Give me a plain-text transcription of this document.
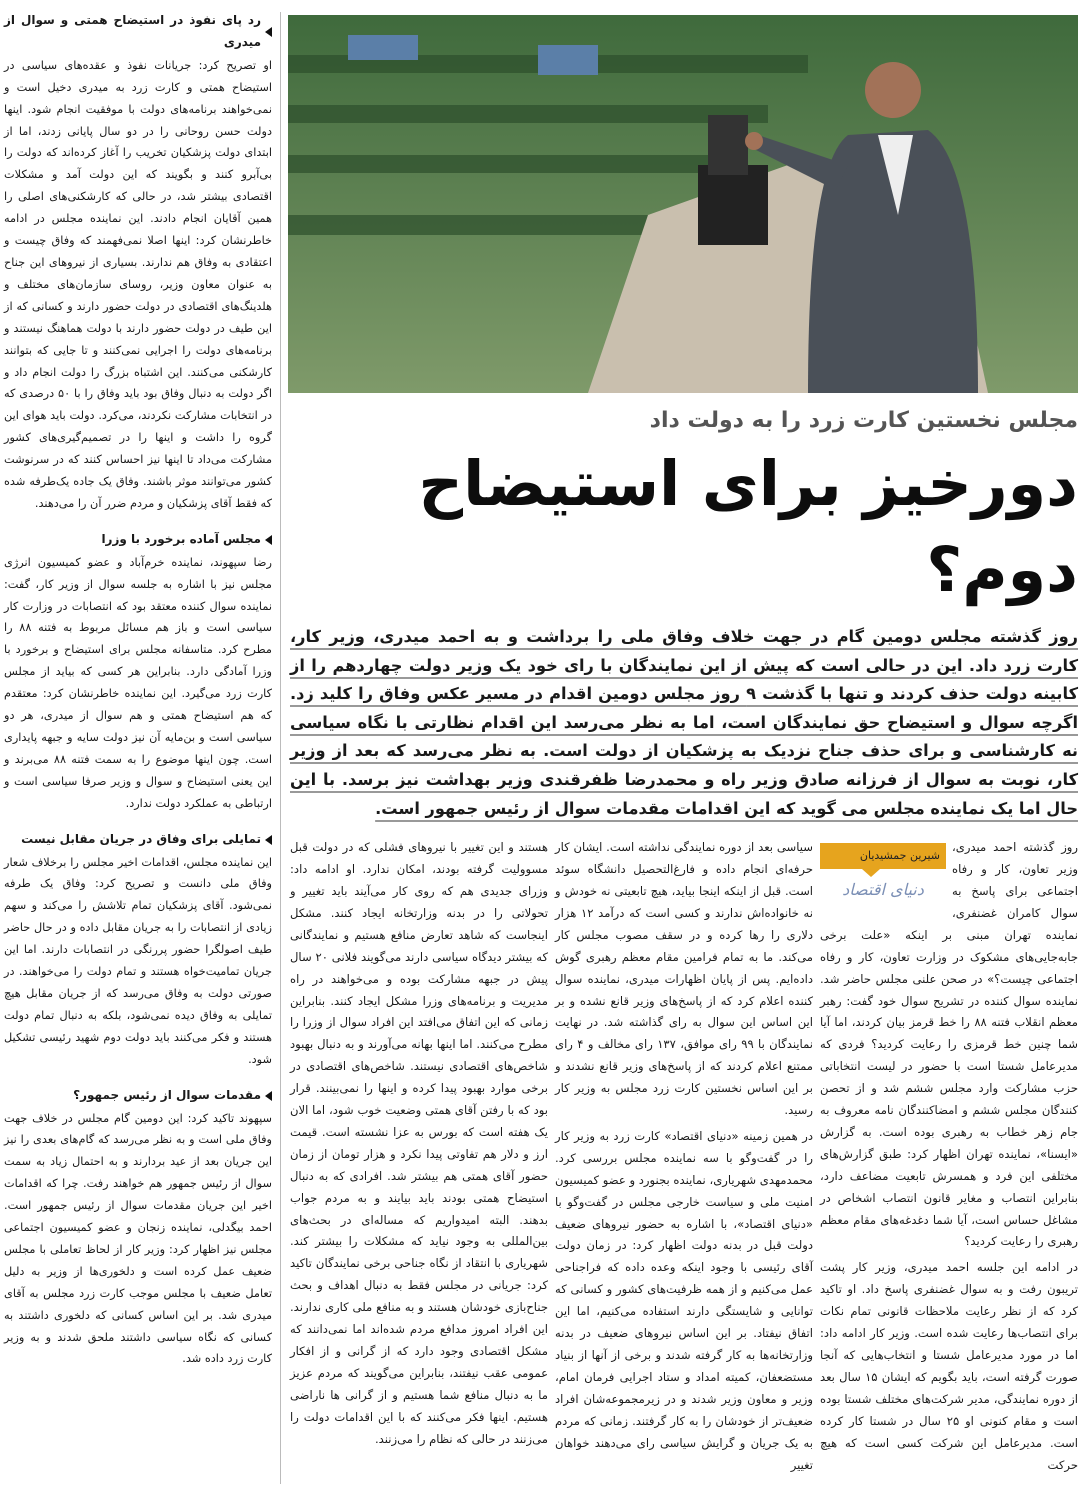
رد پای نفوذ در استیضاح همتی و سوال از میدری

او تصریح کرد: جریانات نفوذ و عقده‌های سیاسی در استیضاح همتی و کارت زرد به میدری دخیل است و نمی‌خواهند برنامه‌های دولت با موفقیت انجام شود. اینها دولت حسن روحانی را در دو سال پایانی زدند، اما از ابتدای دولت پزشکیان تخریب را آغاز کرده‌اند که دولت را بی‌آبرو کنند و بگویند که این دولت آمد و مشکلات اقتصادی بیشتر شد، در حالی که کارشکنی‌های اصلی را همین آقایان انجام دادند. این نماینده مجلس در ادامه خاطرنشان کرد: اینها اصلا نمی‌فهمند که وفاق چیست و اعتقادی به وفاق هم ندارند. بسیاری از نیروهای این جناح به عنوان معاون وزیر، روسای سازمان‌های مختلف و هلدینگ‌های اقتصادی در دولت حضور دارند و کسانی که از این طیف در دولت حضور دارند با دولت هماهنگ نیستند و برنامه‌های دولت را اجرایی نمی‌کنند و تا جایی که بتوانند کارشکنی می‌کنند. این اشتباه بزرگ را دولت انجام داد و اگر دولت به دنبال وفاق بود باید وفاق را با ۵۰ درصدی که در انتخابات مشارکت نکردند، می‌کرد. دولت باید هوای این گروه را داشت و اینها را در تصمیم‌گیری‌های کشور مشارکت می‌داد تا اینها نیز احساس کنند که در سرنوشت کشور می‌توانند موثر باشند. وفاق یک جاده یک‌طرفه شده که فقط آقای پزشکیان و مردم ضرر آن را می‌دهند.

مجلس آماده برخورد با وزرا

رضا سپهوند، نماینده خرم‌آباد و عضو کمیسیون انرژی مجلس نیز با اشاره به جلسه سوال از وزیر کار، گفت: نماینده سوال کننده معتقد بود که انتصابات در وزارت کار سیاسی است و باز هم مسائل مربوط به فتنه ۸۸ را مطرح کرد. متاسفانه مجلس برای استیضاح و برخورد با وزرا آمادگی دارد. بنابراین هر کسی که بیاید از مجلس کارت زرد می‌گیرد. این نماینده خاطرنشان کرد: معتقدم که هم استیضاح همتی و هم سوال از میدری، هر دو سیاسی است و بن‌مایه آن نیز دولت سایه و جبهه پایداری است. چون اینها موضوع را به سمت فتنه ۸۸ می‌برند و این یعنی استیضاح و سوال و وزیر صرفا سیاسی است و ارتباطی به عملکرد دولت ندارد.

تمایلی برای وفاق در جریان مقابل نیست

این نماینده مجلس، اقدامات اخیر مجلس را برخلاف شعار وفاق ملی دانست و تصریح کرد: وفاق یک طرفه نمی‌شود. آقای پزشکیان تمام تلاشش را می‌کند و سهم زیادی از انتصابات را به جریان مقابل داده و در حال حاضر طیف اصولگرا حضور پررنگی در انتصابات دارند. اما این جریان تمامیت‌خواه هستند و تمام دولت را می‌خواهند. در صورتی دولت به وفاق می‌رسد که از جریان مقابل هیچ تمایلی به وفاق دیده نمی‌شود، بلکه به دنبال تمام دولت هستند و فکر می‌کنند باید دولت دوم شهید رئیسی تشکیل شود.

مقدمات سوال از رئیس جمهور؟

سپهوند تاکید کرد: این دومین گام مجلس در خلاف جهت وفاق ملی است و به نظر می‌رسد که گام‌های بعدی را نیز این جریان بعد از عید بردارند و به احتمال زیاد به سمت سوال از رئیس جمهور هم خواهند رفت. چرا که اقدامات اخیر این جریان مقدمات سوال از رئیس جمهور است. احمد بیگدلی، نماینده زنجان و عضو کمیسیون اجتماعی مجلس نیز اظهار کرد: وزیر کار از لحاظ تعاملی با مجلس ضعیف عمل کرده است و دلخوری‌ها از وزیر به دلیل تعامل ضعیف با مجلس موجب کارت زرد مجلس به آقای میدری شد. بر این اساس کسانی که دلخوری داشتند به کسانی که نگاه سیاسی داشتند ملحق شدند و به وزیر کارت زرد داده شد.

مجلس نخستین کارت زرد را به دولت داد
دورخیز برای استیضاح دوم؟
روز گذشته مجلس دومین گام در جهت خلاف وفاق ملی را برداشت و به احمد میدری، وزیر کار، کارت زرد داد. این در حالی است که پیش از این نمایندگان با رای خود یک وزیر دولت چهاردهم را از کابینه دولت حذف کردند و تنها با گذشت ۹ روز مجلس دومین اقدام در مسیر عکس وفاق را کلید زد. اگرچه سوال و استیضاح حق نمایندگان است، اما به نظر می‌رسد این اقدام نظارتی با نگاه سیاسی نه کارشناسی و برای حذف جناح نزدیک به پزشکیان از دولت است. به نظر می‌رسد که بعد از وزیر کار، نوبت به سوال از فرزانه صادق وزیر راه و محمدرضا ظفرقندی وزیر بهداشت نیز برسد. با این حال اما یک نماینده مجلس می گوید که این اقدامات مقدمات سوال از رئیس جمهور است.
شیرین جمشیدیان
دنیای اقتصاد

روز گذشته احمد میدری، وزیر تعاون، کار و رفاه اجتماعی برای پاسخ به سوال کامران غضنفری، نماینده تهران مبنی بر اینکه «علت برخی جابه‌جایی‌های مشکوک در وزارت تعاون، کار و رفاه اجتماعی چیست؟» در صحن علنی مجلس حاضر شد. نماینده سوال کننده در تشریح سوال خود گفت: رهبر معظم انقلاب فتنه ۸۸ را خط قرمز بیان کردند، اما آیا شما چنین خط قرمزی را رعایت کردید؟ فردی که مدیرعامل شستا است با حضور در لیست انتخاباتی حزب مشارکت وارد مجلس ششم شد و از تحصن کنندگان مجلس ششم و امضاکنندگان نامه معروف به جام زهر خطاب به رهبری بوده است. به گزارش «ایسنا»، نماینده تهران اظهار کرد: طبق گزارش‌های مختلفی این فرد و همسرش تابعیت مضاعف دارد، بنابراین انتصاب و مغایر قانون انتصاب اشخاص در مشاغل حساس است، آیا شما دغدغه‌های مقام معظم رهبری را رعایت کردید؟

در ادامه این جلسه احمد میدری، وزیر کار پشت تریبون رفت و به سوال غضنفری پاسخ داد. او تاکید کرد که از نظر رعایت ملاحظات قانونی تمام نکات برای انتصاب‌ها رعایت شده است. وزیر کار ادامه داد: اما در مورد مدیرعامل شستا و انتخاب‌هایی که آنجا صورت گرفته است، باید بگویم که ایشان ۱۵ سال بعد از دوره نمایندگی، مدیر شرکت‌های مختلف شستا بوده است و مقام کنونی او ۲۵ سال در شستا کار کرده است. مدیرعامل این شرکت کسی است که هیچ حرکت

سیاسی بعد از دوره نمایندگی نداشته است. ایشان کار حرفه‌ای انجام داده و فارغ‌التحصیل دانشگاه سوئد است. قبل از اینکه اینجا بیاید، هیچ تابعیتی نه خودش و نه خانواده‌اش ندارند و کسی است که درآمد ۱۲ هزار دلاری را رها کرده و در سقف مصوب مجلس کار می‌کند. ما به تمام فرامین مقام معظم رهبری گوش داده‌ایم. پس از پایان اظهارات میدری، نماینده سوال کننده اعلام کرد که از پاسخ‌های وزیر قانع نشده و بر این اساس این سوال به رای گذاشته شد. در نهایت نمایندگان با ۹۹ رای موافق، ۱۳۷ رای مخالف و ۴ رای ممتنع اعلام کردند که از پاسخ‌های وزیر قانع نشدند و بر این اساس نخستین کارت زرد مجلس به وزیر کار رسید.

در همین زمینه «دنیای اقتصاد» کارت زرد به وزیر کار را در گفت‌وگو با سه نماینده مجلس بررسی کرد. محمدمهدی شهریاری، نماینده بجنورد و عضو کمیسیون امنیت ملی و سیاست خارجی مجلس در گفت‌وگو با «دنیای اقتصاد»، با اشاره به حضور نیروهای ضعیف دولت قبل در بدنه دولت اظهار کرد: در زمان دولت آقای رئیسی با وجود اینکه وعده داده که فراجناحی عمل می‌کنیم و از همه ظرفیت‌های کشور و کسانی که توانایی و شایستگی دارند استفاده می‌کنیم، اما این اتفاق نیفتاد. بر این اساس نیروهای ضعیف در بدنه وزارتخانه‌ها به کار گرفته شدند و برخی از آنها از بنیاد مستضعفان، کمیته امداد و ستاد اجرایی فرمان امام، وزیر و معاون وزیر شدند و در زیرمجموعه‌شان افراد ضعیف‌تر از خودشان را به کار گرفتند. زمانی که مردم به یک جریان و گرایش سیاسی رای می‌دهند خواهان تغییر

هستند و این تغییر با نیروهای فشلی که در دولت قبل مسوولیت گرفته بودند، امکان ندارد. او ادامه داد: وزرای جدیدی هم که روی کار می‌آیند باید تغییر و تحولاتی را در بدنه وزارتخانه ایجاد کنند. مشکل اینجاست که شاهد تعارض منافع هستیم و نمایندگانی که بیشتر دیدگاه سیاسی دارند می‌گویند فلانی ۲۰ سال پیش در جبهه مشارکت بوده و می‌خواهند در راه مدیریت و برنامه‌های وزرا مشکل ایجاد کنند. بنابراین زمانی که این اتفاق می‌افتد این افراد سوال از وزرا را مطرح می‌کنند. اما اینها بهانه می‌آورند و به دنبال بهبود شاخص‌های اقتصادی نیستند. شاخص‌های اقتصادی در برخی موارد بهبود پیدا کرده و اینها را نمی‌بینند. قرار بود که با رفتن آقای همتی وضعیت خوب شود، اما الان یک هفته است که بورس به عزا نشسته است. قیمت ارز و دلار هم تفاوتی پیدا نکرد و هزار تومان از زمان حضور آقای همتی هم بیشتر شد. افرادی که به دنبال استیضاح همتی بودند باید بیایند و به مردم جواب بدهند. البته امیدواریم که مساله‌ای در بحث‌های بین‌المللی به وجود نیاید که مشکلات را بیشتر کند. شهریاری با انتقاد از نگاه جناحی برخی نمایندگان تاکید کرد: جریانی در مجلس فقط به دنبال اهداف و بحث جناح‌بازی خودشان هستند و به منافع ملی کاری ندارند. این افراد امروز مدافع مردم شده‌اند اما نمی‌دانند که مشکل اقتصادی وجود دارد که از گرانی و از افکار عمومی عقب نیفتند، بنابراین می‌گویند که مردم عزیز ما به دنبال منافع شما هستیم و از گرانی ها ناراضی هستیم. اینها فکر می‌کنند که با این اقدامات دولت را می‌زنند در حالی که نظام را می‌زنند.
